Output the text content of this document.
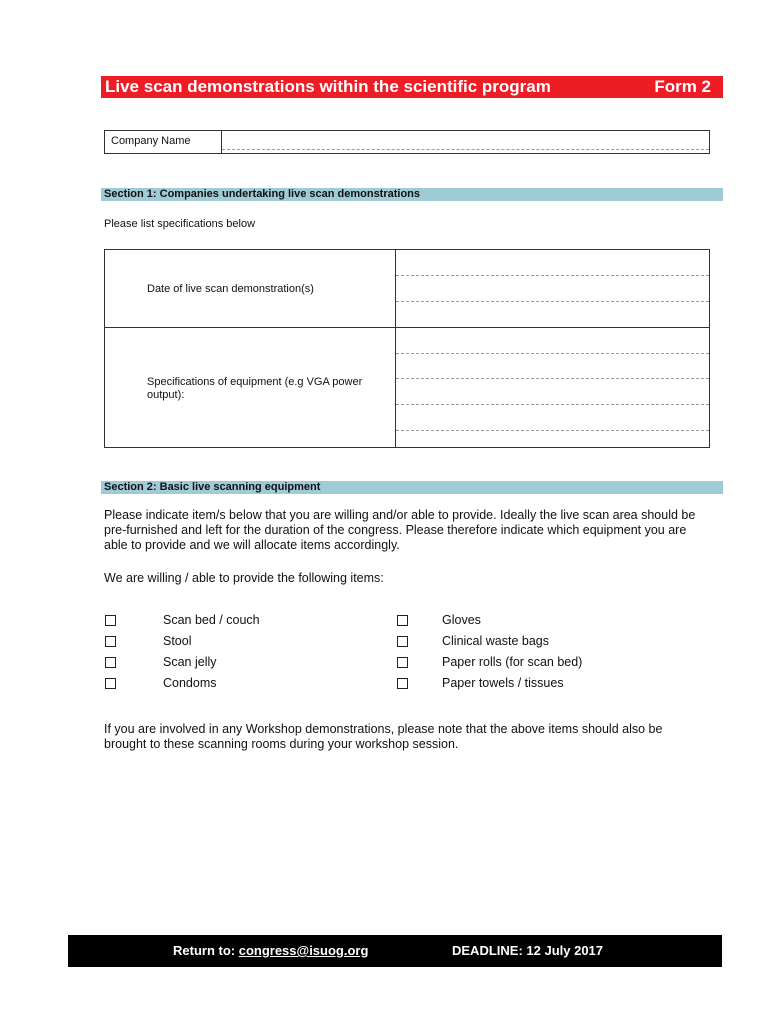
Live scan demonstrations within the scientific program	Form 2
Company Name
Section 1: Companies undertaking live scan demonstrations
Please list specifications below
Date of live scan demonstration(s)
Specifications of equipment (e.g VGA power
output):
Section 2: Basic live scanning equipment
Please indicate item/s below that you are willing and/or able to provide. Ideally the live scan area should be
pre-furnished and left for the duration of the congress. Please therefore indicate which equipment you are
able to provide and we will allocate items accordingly.
We are willing / able to provide the following items:
Scan bed / couch
Stool
Scan jelly
Condoms
Gloves
Clinical waste bags
Paper rolls (for scan bed)
Paper towels / tissues
If you are involved in any Workshop demonstrations, please note that the above items should also be
brought to these scanning rooms during your workshop session.
Return to: congress@isuog.org	DEADLINE: 12 July 2017
